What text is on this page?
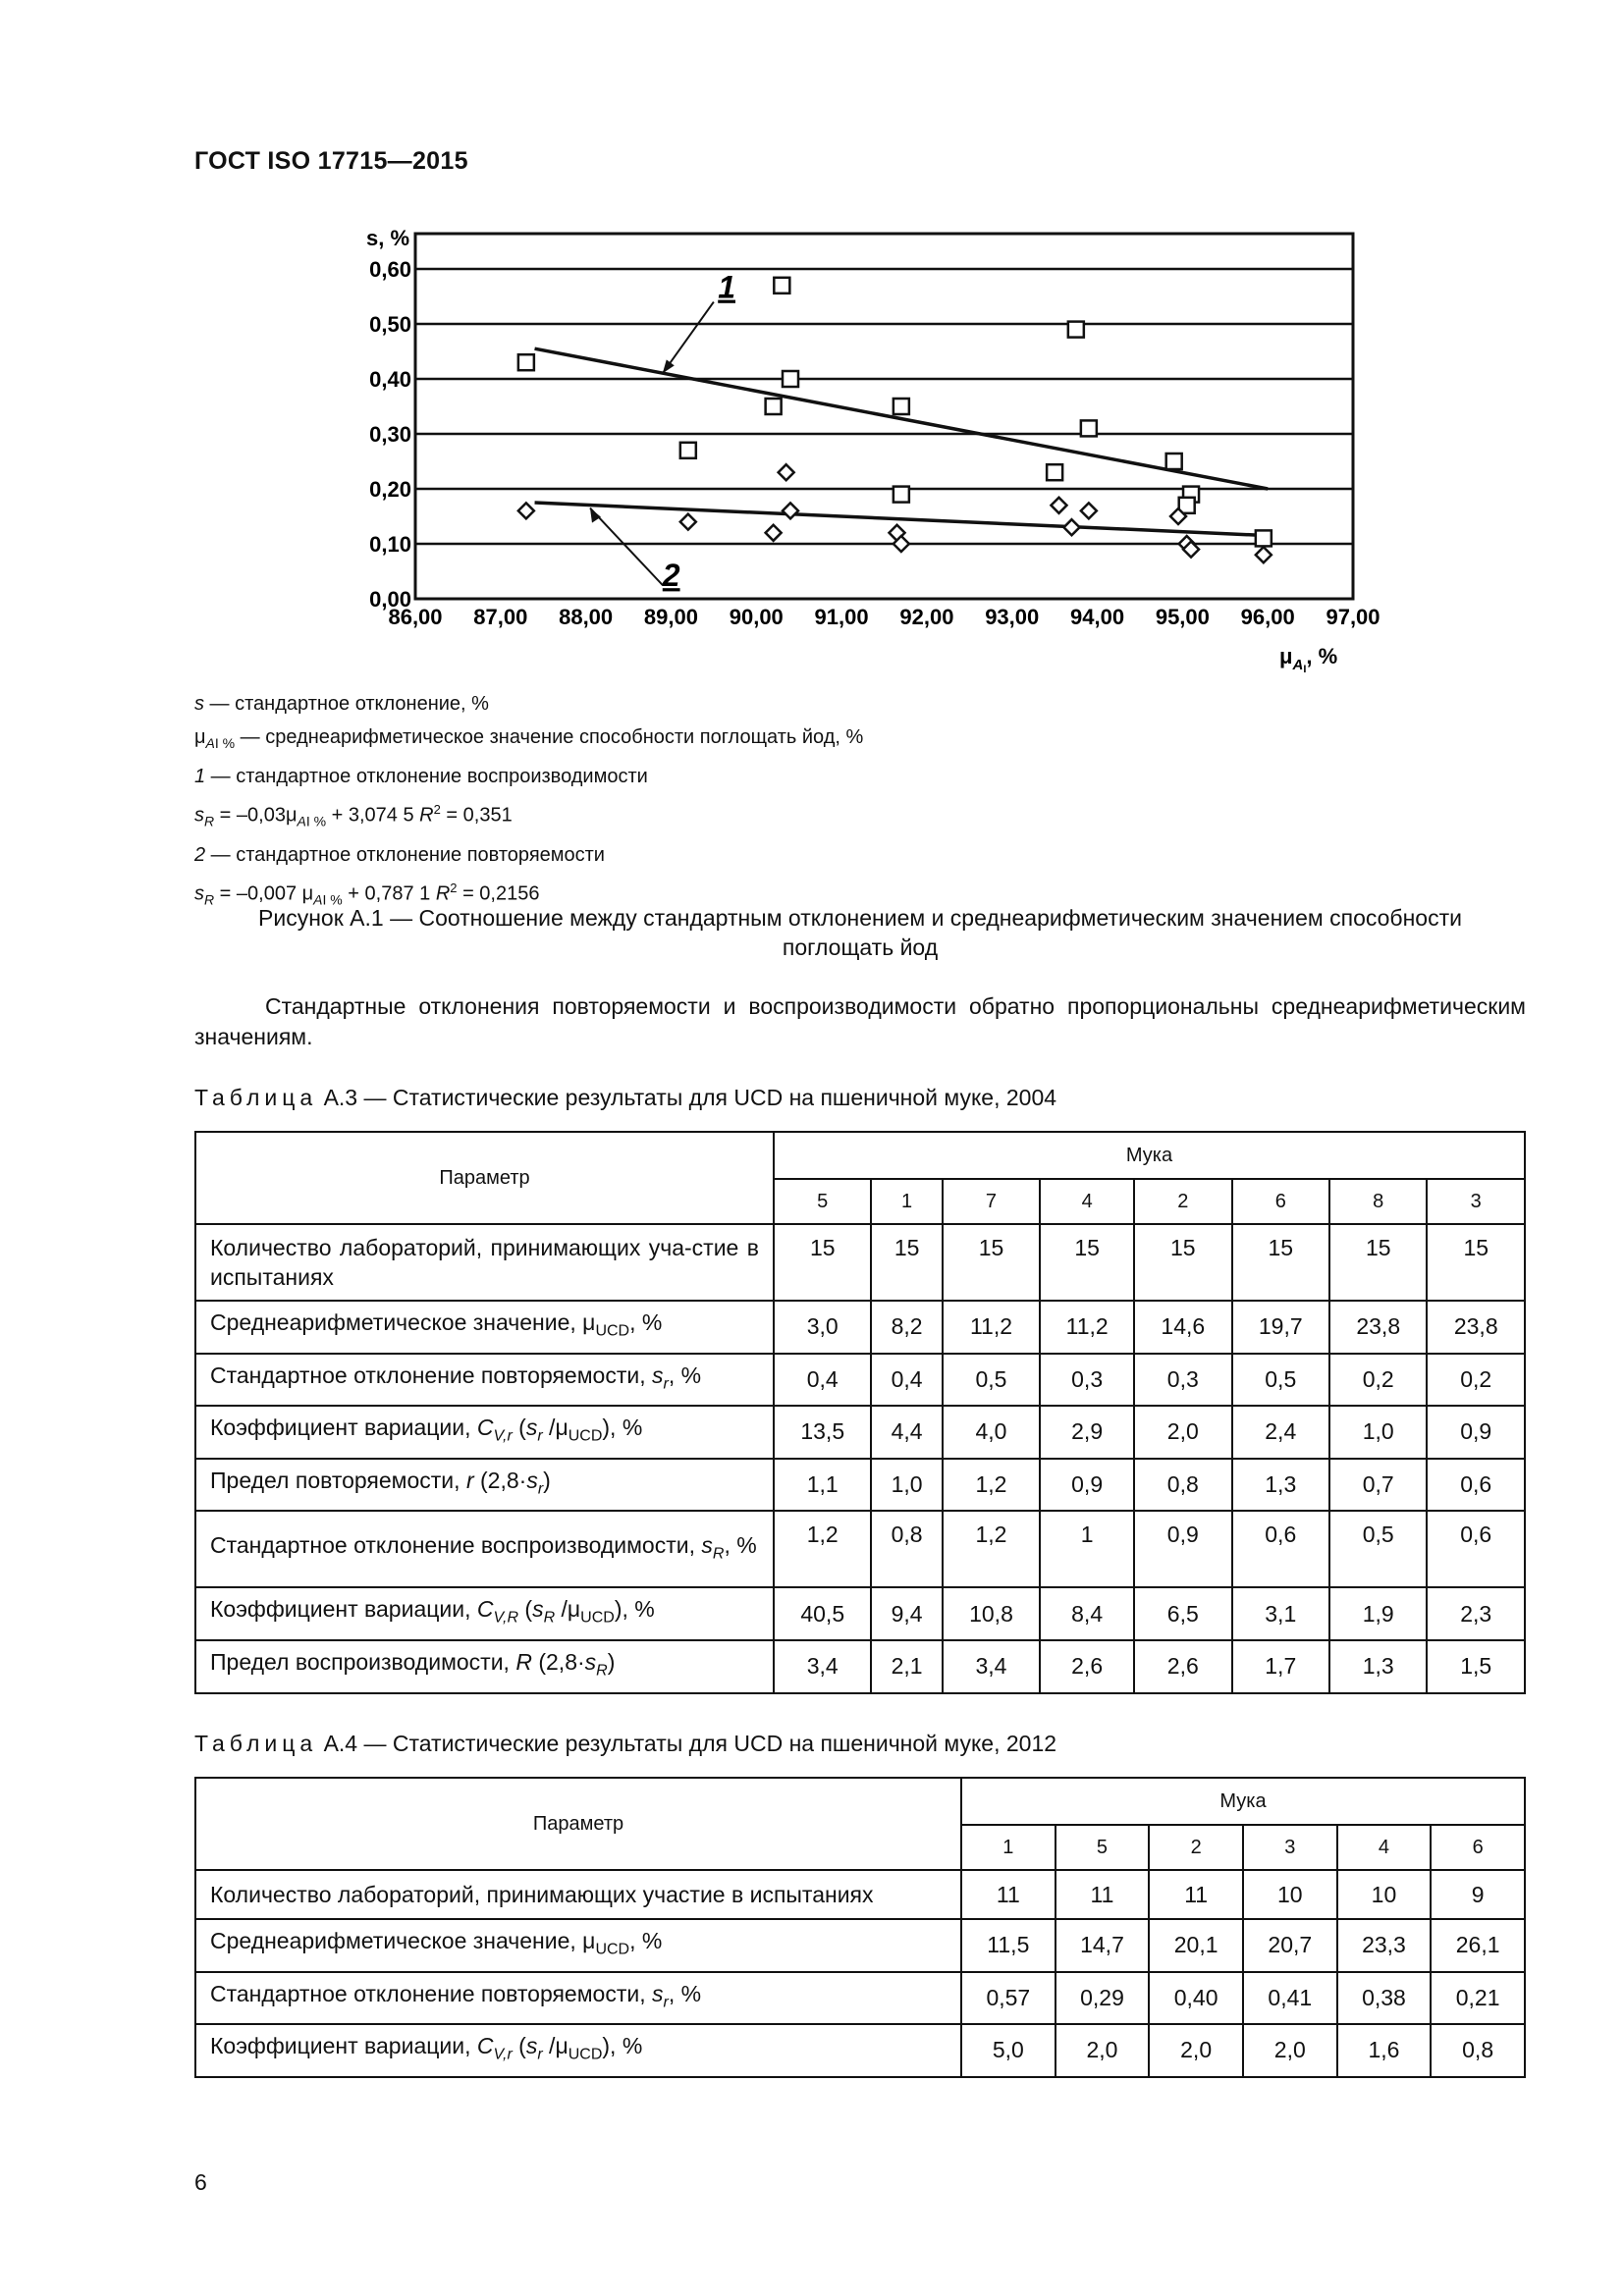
ГОСТ ISO 17715—2015
0,00
0,10
0,20
0,30
0,40
0,50
0,60
86,00 87,00 88,00 89,00 90,00 91,00 92,00 93,00 94,00 95,00 96,00 97,00
s, %
$\mu_AI$, %
1
2
s — стандартное отклонение, %
$\mu_{AI \%}$ — среднеарифметическое значение способности поглощать йод, %
1 — стандартное отклонение воспроизводимости
$s_R = -0,03\mu_{AI \%} + 3,074$ 5 $R^2 = 0,351$
2 — стандартное отклонение повторяемости
$s_R = -0,007$ $\mu_{AI \%} + 0,787$ 1 $R^2 = 0,2156$
Рисунок А.1 — Соотношение между стандартным отклонением и среднеарифметическим значением способности
поглощать йод
Стандартные отклонения повторяемости и воспроизводимости обратно пропорциональны среднеарифметическим значениям.
Таблица А.3 — Статистические результаты для UCD на пшеничной муке, 2004
Параметр	Мука							
	5	1	7	4	2	6	8	3
Количество лабораторий, принимающих уча-стие в испытаниях	15	15	15	15	15	15	15	15
Среднеарифметическое значение, $\mu_{UCD}$, %	3,0	8,2	11,2	11,2	14,6	19,7	23,8	23,8
Стандартное отклонение повторяемости, $s_r$, %	0,4	0,4	0,5	0,3	0,3	0,5	0,2	0,2
Коэффициент вариации, $C_{V,r}$ ($s_r$ $/\mu_{UCD}$), %	13,5	4,4	4,0	2,9	2,0	2,4	1,0	0,9
Предел повторяемости, r $(2,8\cdot s_r)$	1,1	1,0	1,2	0,9	0,8	1,3	0,7	0,6
Стандартное отклонение воспроизводимости, $s_R$, %	1,2	0,8	1,2	1	0,9	0,6	0,5	0,6
Коэффициент вариации, $C_{V,R}$ ($s_R$ $/\mu_{UCD}$), %	40,5	9,4	10,8	8,4	6,5	3,1	1,9	2,3
Предел воспроизводимости, R $(2,8\cdot s_R)$	3,4	2,1	3,4	2,6	2,6	1,7	1,3	1,5
Таблица А.4 — Статистические результаты для UCD на пшеничной муке, 2012
Параметр	Мука					
	1	5	2	3	4	6
Количество лабораторий, принимающих участие в испытаниях	11	11	11	10	10	9
Среднеарифметическое значение, $\mu_{UCD}$, %	11,5	14,7	20,1	20,7	23,3	26,1
Стандартное отклонение повторяемости, $s_r$, %	0,57	0,29	0,40	0,41	0,38	0,21
Коэффициент вариации, $C_{V,r}$ ($s_r$ $/\mu_{UCD}$), %	5,0	2,0	2,0	2,0	1,6	0,8
6
